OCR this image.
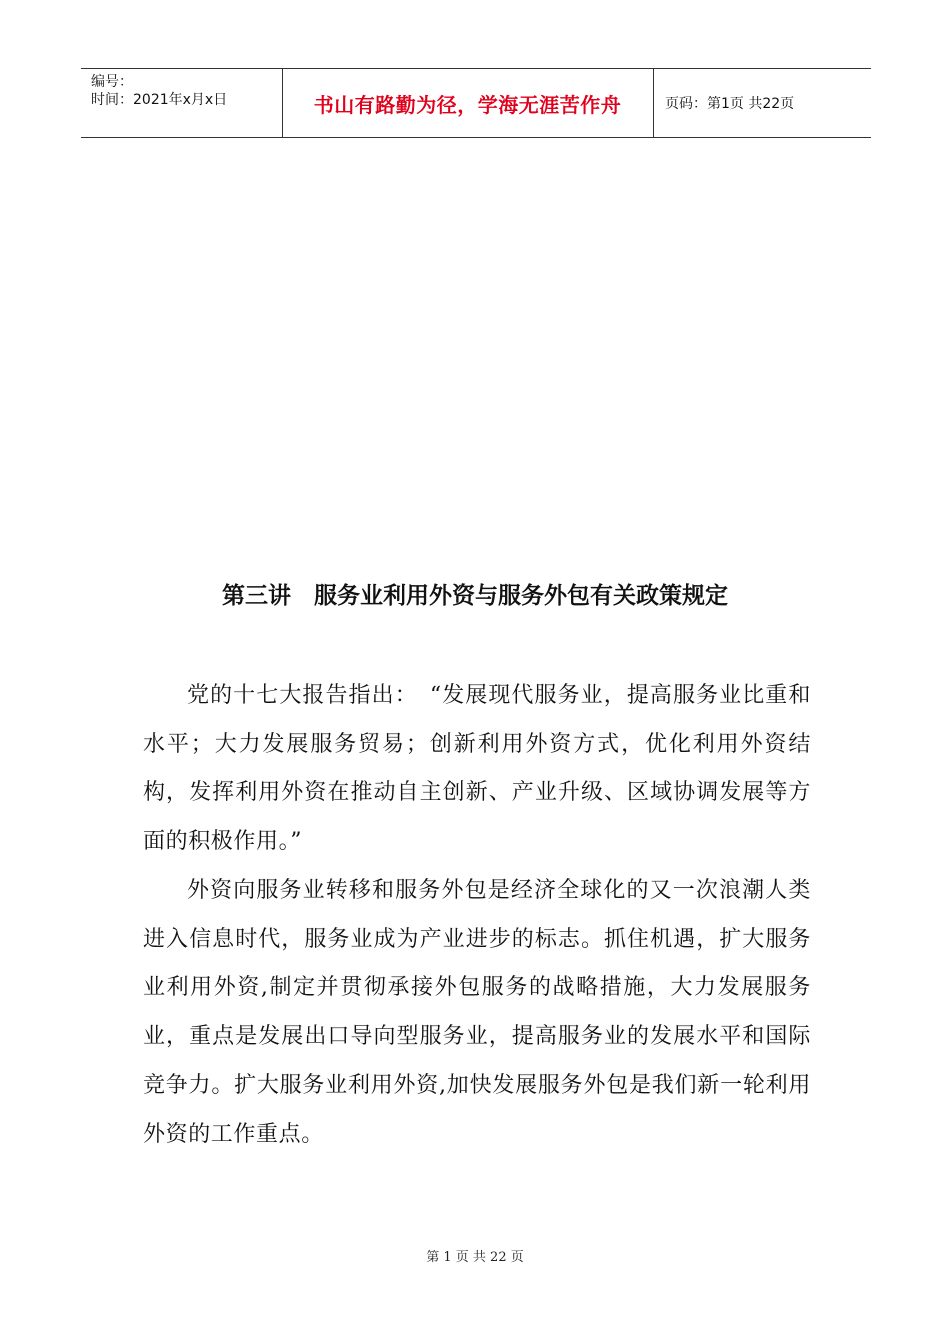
编号：
时间：2021年x月x日	书山有路勤为径，学海无涯苦作舟	页码：第1页 共22页
第三讲　服务业利用外资与服务外包有关政策规定

党的十七大报告指出：　“发展现代服务业，提高服务业比重和水平；大力发展服务贸易；创新利用外资方式，优化利用外资结构，发挥利用外资在推动自主创新、产业升级、区域协调发展等方面的积极作用。”

外资向服务业转移和服务外包是经济全球化的又一次浪潮人类进入信息时代，服务业成为产业进步的标志。抓住机遇，扩大服务业利用外资,制定并贯彻承接外包服务的战略措施，大力发展服务业，重点是发展出口导向型服务业，提高服务业的发展水平和国际竞争力。扩大服务业利用外资,加快发展服务外包是我们新一轮利用外资的工作重点。

第 1 页 共 22 页
